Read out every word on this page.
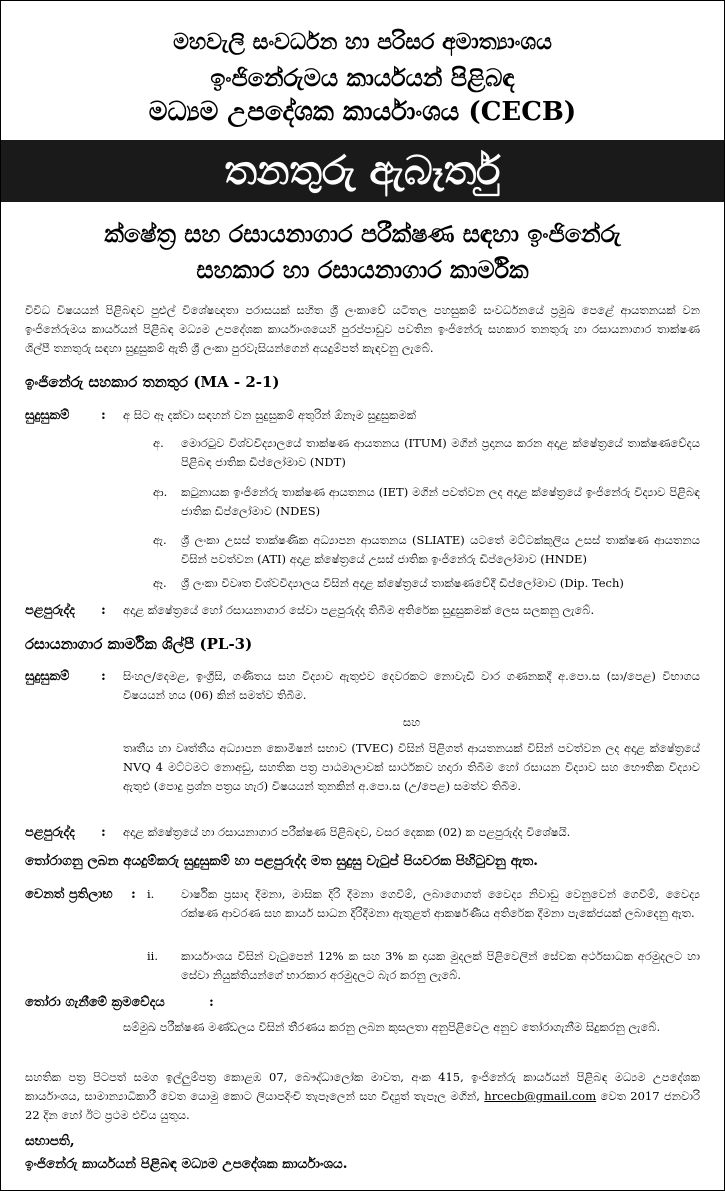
මහවැලි සංවර්ධන හා පරිසර අමාත්‍යාංශය
ඉංජිනේරුමය කාර්යයන් පිළිබඳ
මධ්‍යම උපදේශක කාර්යාංශය (CECB)
තනතුරු ඇබෑර්තු
ක්ෂේත්‍ර සහ රසායනාගාර පරීක්ෂණ සඳහා ඉංජිනේරු
සහකාර හා රසායනාගාර කාර්මික
විවිධ විෂයයන් පිළිබඳව පුළුල් විශේෂඥතා පරාසයක් සහිත ශ්‍රී ලංකාවේ යටිතල පහසුකම් සංවර්ධනයේ ප්‍රමුඛ පෙළේ ආයතනයක් වන ඉංජිනේරුමය කාර්යයන් පිළිබඳ මධ්‍යම උපදේශක කාර්යාංශයෙහි පුරප්පාඩුව පවතින ඉංජිනේරු සහකාර තනතුරු හා රසායනාගාර තාක්ෂණ ශිල්පී තනතුරු සඳහා සුදුසුකම් ඇති ශ්‍රී ලංකා පුරවැසියන්ගෙන් අයදුම්පත් කැඳවනු ලැබේ.
ඉංජිනේරු සහකාර තනතුර (MA - 2-1)
සුදුසුකම් : අ සිට ඈ දක්වා සඳහන් වන සුදුසුකම් අතුරින් ඕනෑම සුදුසුකමක්
අ. මොරටුව විශ්වවිද්‍යාලයේ තාක්ෂණ ආයතනය (ITUM) මගින් ප්‍රදානය කරන අදාළ ක්ෂේත්‍රයේ තාක්ෂණවේදය පිළිබඳ ජාතික ඩිප්ලෝමාව (NDT)
ආ. කටුනායක ඉංජිනේරු තාක්ෂණ ආයතනය (IET) මගින් පවත්වන ලද අදාළ ක්ෂේත්‍රයේ ඉංජිනේරු විද්‍යාව පිළිබඳ ජාතික ඩිප්ලෝමාව (NDES)
ඇ. ශ්‍රී ලංකා උසස් තාක්ෂණික අධ්‍යාපන ආයතනය (SLIATE) යටතේ මට්ටක්කුලිය උසස් තාක්ෂණ ආයතනය විසින් පවත්වන (ATI) අදාළ ක්ෂේත්‍රයේ උසස් ජාතික ඉංජිනේරු ඩිප්ලෝමාව (HNDE)
ඈ. ශ්‍රී ලංකා විවෘත විශ්වවිද්‍යාලය විසින් අදාළ ක්ෂේත්‍රයේ තාක්ෂණවේදී ඩිප්ලෝමාව (Dip. Tech)
පළපුරුද්ද : අදාළ ක්ෂේත්‍රයේ හෝ රසායනාගාර සේවා පළපුරුද්ද තිබීම අතිරේක සුදුසුකමක් ලෙස සලකනු ලැබේ.
රසායනාගාර කාර්මික ශිල්පී (PL-3)
සුදුසුකම් : සිංහල/දෙමළ, ඉංග්‍රීසි, ගණිතය සහ විද්‍යාව ඇතුළුව දෙවරකට නොවැඩි වාර ගණනකදී අ.පො.ස (සා/පෙළ) විභාගය විෂයයන් හය (06) කින් සමත්ව තිබීම.
සහ
තෘතීය හා වෘත්තීය අධ්‍යාපන කොමිෂන් සභාව (TVEC) විසින් පිළිගත් ආයතනයක් විසින් පවත්වන ලද අදාළ ක්ෂේත්‍රයේ NVQ 4 මට්ටමට නොඅඩු, සහතික පත්‍ර පාඨමාලාවක් සාර්ථකව හදාරා තිබීම හෝ රසායන විද්‍යාව සහ භෞතික විද්‍යාව ඇතුළු (පොදු ප්‍රශ්න පත්‍රය හැර) විෂයයන් තුනකින් අ.පො.ස (උ/පෙළ) සමත්ව තිබීම.
පළපුරුද්ද : අදාළ ක්ෂේත්‍රයේ හා රසායනාගාර පරීක්ෂණ පිළිබඳව, වසර දෙකක (02) ක පළපුරුද්ද විශේෂයි.
තෝරාගනු ලබන අයදුම්කරු සුදුසුකම් හා පළපුරුද්ද මත සුදුසු වැටුප් පියවරක පිහිටුවනු ඇත.
වෙනත් ප්‍රතිලාභ : i. වාර්ෂික ප්‍රසාද දීමනා, මාසික දිරි දීමනා ගෙවීම්, ලබාගොගත් වෛද්‍ය නිවාඩු වෙනුවෙන් ගෙවීම්, වෛද්‍ය රක්ෂණ ආවරණ සහ කාර්ය සාධන දිරිදීමනා ඇතුළත් ආකර්ෂණීය අතිරේක දීමනා පැකේජයක් ලබාදෙනු ඇත.
ii. කාර්යාංශය විසින් වැටුපෙන් 12% ක සහ 3% ක දායක මුදලක් පිළිවෙලින් සේවක අර්ථසාධක අරමුදලට හා සේවා නියුක්තියන්ගේ භාරකාර අරමුදලට බැර කරනු ලැබේ.
තෝරා ගැනීමේ ක්‍රමවේදය	:
සම්මුඛ පරීක්ෂණ මණ්ඩලය විසින් තීරණය කරනු ලබන කුසලතා අනුපිළිවෙල අනුව තෝරාගැනීම සිදුකරනු ලැබේ.
සහතික පත්‍ර පිටපත් සමග ඉල්ලුම්පත්‍ර කොළඹ 07, බෞද්ධාලෝක මාවත, අංක 415, ඉංජිනේරු කාර්යයන් පිළිබඳ මධ්‍යම උපදේශක කාර්යාංශය, සාමාන්‍යාධිකාරී වෙත යොමු කොට ලියාපදිංචි තැපෑලෙන් සහ විද්‍යුත් තැපෑල මගින්, hrcecb@gmail.com වෙත 2017 ජනවාරි 22 දින හෝ ඊට ප්‍රථම එවිය යුතුය.
සභාපති,
ඉංජිනේරු කාර්යයන් පිළිබඳ මධ්‍යම උපදේශක කාර්යාංශය.
